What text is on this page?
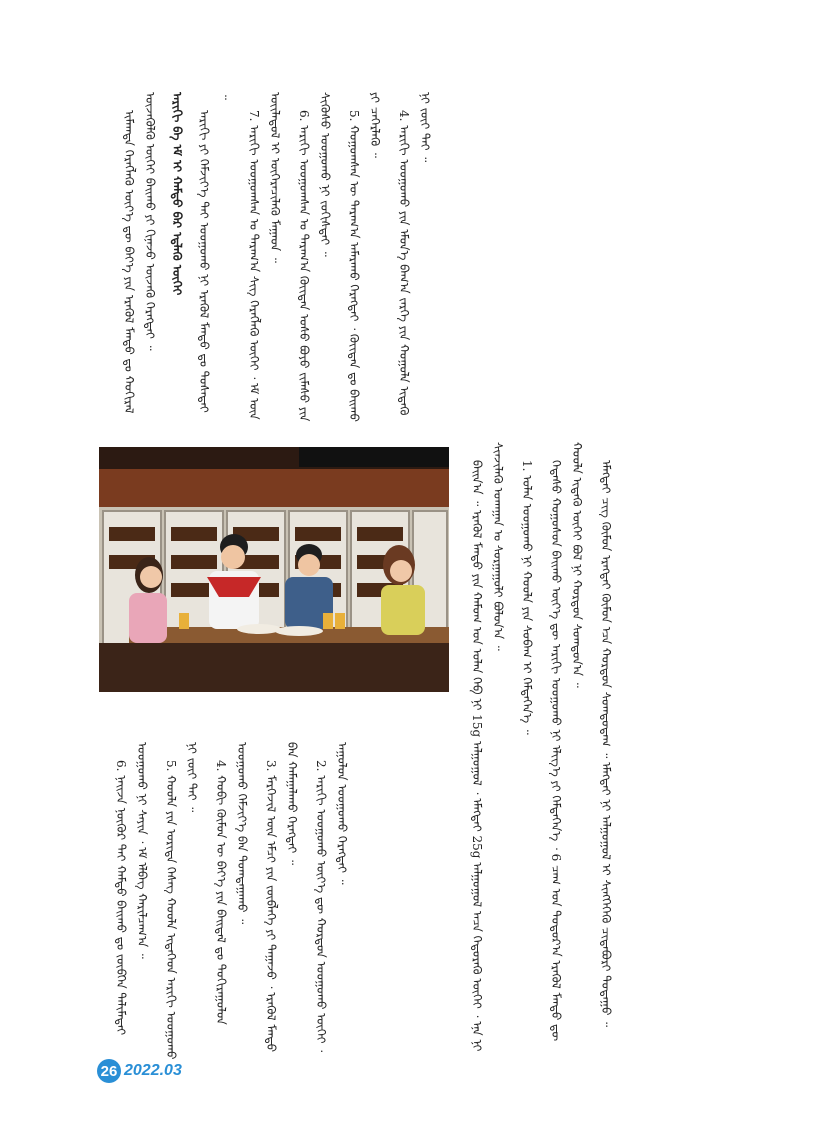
ᠢᠮᠠᠭᠲᠠ ᠬᠡᠷᠡᠭᠯᠡᠬᠦ ᠦᠶ᠎ᠡ ᠳᠦ ᠪᠡᠶ᠎ᠡ ᠶᠢᠨ ᠡᠷᠡᠭᠦᠯ ᠮᠡᠨᠳᠦ ᠳᠤ ᠬᠣᠬᠢᠷᠠᠯ ᠦᠵᠡᠭᠦᠯᠬᠦ ᠦᠭᠡᠢ ᠪᠠᠢᠬᠤ ᠶᠢ ᠬᠢᠨᠠᠵᠤ ᠦᠵᠡᠬᠦ ᠬᠡᠷᠡᠭᠲᠡᠢ ᠃	ᠠᠷᠢᠬᠢ ᠪᠠ ᠡᠮ ᠢ ᠬᠠᠮᠲᠤ ᠪᠠᠷ ᠡᠳ᠋ᠯᠡᠬᠦ ᠦᠭᠡᠢ	ᠠᠷᠢᠬᠢ ᠶᠢ ᠬᠡᠮᠵᠢᠶ᠎ᠡ ᠲᠠᠢ ᠤᠤᠭᠤᠬᠤ ᠨᠢ ᠡᠷᠡᠭᠦᠯ ᠮᠡᠨᠳᠦ ᠳᠤ ᠲᠤᠰᠠᠲᠠᠢ ᠃

7. ᠠᠷᠢᠬᠢ ᠤᠤᠭᠤᠭᠰᠠᠨ ᠤ ᠳᠠᠷᠠᠭ᠎ᠠ ᠰᠢᠭ ᠬᠡᠷᠡᠭᠯᠡᠬᠦ ᠦᠭᠡᠢ ᠂ ᠡᠮ ᠦᠨ ᠦᠢᠯᠡᠳᠦᠯ ᠢ ᠥᠭᠡᠷᠡᠴᠢᠯᠡᠬᠦ ᠮᠠᠭᠠᠳ ᠃	6. ᠠᠷᠢᠬᠢ ᠤᠤᠭᠤᠭᠰᠠᠨ ᠤ ᠳᠠᠷᠠᠭ᠎ᠠ ᠬᠦᠢᠲᠡᠨ ᠤᠰᠤ ᠪᠤᠶᠤ ᠵᠢᠮᠡᠰᠦ ᠶᠢᠨ ᠰᠢᠭᠦᠰᠦ ᠤᠤᠭᠤᠬᠤ ᠨᠢ ᠵᠣᠬᠢᠰᠲᠠᠢ ᠃	5. ᠬᠤᠭᠤᠭᠰᠠᠨ ᠦ ᠳᠠᠷᠠᠭ᠎ᠠ ᠠᠮᠠᠷᠠᠬᠤ ᠬᠡᠷᠡᠭᠲᠡᠢ ᠂ ᠬᠦᠢᠲᠡᠨ ᠳᠤ ᠪᠠᠢᠬᠤ ᠶᠢ ᠴᠡᠭᠡᠷᠯᠡᠬᠦ ᠃	4. ᠠᠷᠢᠬᠢ ᠤᠤᠭᠤᠬᠤ ᠶᠢᠨ ᠡᠮᠦᠨ᠎ᠡ ᠪᠠᠭ᠎ᠠ ᠵᠡᠷᠭᠡ ᠶᠢᠨ ᠬᠣᠭᠣᠯᠠ ᠢᠳᠡᠬᠦ ᠨᠢ ᠵᠦᠢ ᠲᠠᠢ ᠃

ᠪᠠᠢᠨ᠎ᠠ ᠃ ᠡᠷᠡᠭᠦᠯ ᠮᠡᠨᠳᠦ ᠶᠢᠨ ᠬᠠᠮᠤᠭ ᠤᠨ ᠤᠯᠠᠨ ᠬᠡᠪ ᠨᠢ 15g ᠠᠯᠭᠤᠭᠤᠯ ᠂ ᠡᠮᠡᠭᠳᠡᠢ 25g ᠠᠯᠭᠤᠭᠤᠯ ᠠᠴᠠ ᠬᠡᠳᠦᠷᠡᠬᠦ ᠦᠭᠡᠢ ᠂ ᠡᠨᠡ ᠨᠢ ᠰᠢᠨᠵᠢᠯᠡᠬᠦ ᠤᠬᠠᠭᠠᠨ ᠤ ᠰᠤᠷᠭᠠᠭᠤᠯᠢ ᠪᠣᠯᠤᠨ᠎ᠠ ᠃	1. ᠤᠯᠠᠨ ᠤᠤᠭᠤᠬᠤ ᠨᠢ ᠬᠣᠣᠯᠠ ᠶᠢᠨ ᠰᠤᠪᠠᠭ ᠢ ᠭᠡᠮᠲᠡᠭᠡᠨ᠎ᠡ ᠃	ᠭᠡᠳᠡᠰᠦ ᠬᠣᠭᠣᠰᠤᠨ ᠪᠠᠢᠬᠤ ᠦᠶ᠎ᠡ ᠳᠦ ᠠᠷᠢᠬᠢ ᠤᠤᠭᠤᠬᠤ ᠨᠢ ᠡᠯᠢᠭ᠎ᠡ ᠶᠢ ᠭᠡᠮᠲᠡᠭᠡᠨ᠎ᠡ ᠂ 6 ᠴᠠᠭ ᠤᠨ ᠳᠤᠲᠤᠷ᠎ᠠ ᠡᠷᠡᠭᠦᠯ ᠮᠡᠨᠳᠦ ᠳᠦ ᠬᠣᠣᠯᠠ ᠢᠳᠡᠬᠦ ᠦᠭᠡᠢ ᠪᠣᠯ ᠨᠢ ᠬᠤᠷᠳᠤᠨ ᠰᠣᠭᠲᠤᠨ᠎ᠠ ᠃	ᠡᠮᠡᠭᠳᠡᠢ ᠴᠢᠭ ᠬᠦᠮᠦᠨ ᠡᠷᠡᠭᠲᠡᠢ ᠬᠦᠮᠦᠨ ᠡᠴᠡ ᠬᠤᠷᠳᠤᠨ ᠰᠣᠭᠲᠤᠳᠠᠭ ᠃ ᠡᠮᠡᠭᠲᠡᠢ ᠨᠢ ᠠᠯᠭᠤᠭᠤᠯ ᠢ ᠰᠢᠩᠭᠡᠭᠡᠬᠦ ᠴᠢᠳᠠᠪᠤᠷᠢ ᠳᠤᠲᠠᠭᠤ ᠃

6. ᠨᠠᠢᠵᠠ ᠨᠥᠬᠦᠷ ᠲᠠᠢ ᠬᠠᠮᠲᠤ ᠪᠠᠢᠬᠤ ᠳᠤ ᠵᠥᠪᠬᠡᠨ ᠳᠠᠯᠢᠮᠠᠲᠠᠢ ᠤᠤᠭᠤᠬᠤ ᠨᠢ ᠰᠠᠶᠢᠨ ᠂ ᠡᠮ ᠡᠯᠪᠡᠭ ᠬᠠᠷᠢᠯᠴᠠᠭ᠎ᠠ ᠃	5. ᠬᠣᠣᠯᠠ ᠶᠢᠨ ᠤᠷᠢᠳᠠ ᠬᠡᠰᠡᠭ ᠬᠣᠣᠯᠠ ᠢᠳᠡᠭᠡᠳ ᠠᠷᠢᠬᠢ ᠤᠤᠭᠤᠬᠤ ᠨᠢ ᠵᠦᠢ ᠲᠠᠢ ᠃	4. ᠬᠤᠪᠢ ᠬᠦᠮᠦᠨ ᠦ ᠪᠡᠶ᠎ᠡ ᠶᠢᠨ ᠪᠠᠢᠳᠠᠯ ᠳᠤ ᠲᠣᠬᠢᠷᠠᠭᠤᠯᠤᠨ ᠤᠤᠭᠤᠬᠤ ᠬᠡᠮᠵᠢᠶ᠎ᠡ ᠪᠡᠨ ᠲᠣᠭᠲᠠᠭᠠᠬᠤ ᠃	3. ᠮᠡᠷᠭᠡᠵᠢᠯ ᠦᠨ ᠡᠮᠴᠢ ᠶᠢᠨ ᠵᠥᠪᠯᠡᠭᠡ ᠶᠢ ᠳᠠᠭᠠᠵᠤ ᠂ ᠡᠷᠡᠭᠦᠯ ᠮᠡᠨᠳᠦ ᠪᠠᠨ ᠬᠠᠮᠠᠭᠠᠯᠠᠬᠤ ᠬᠡᠷᠡᠭᠲᠡᠢ ᠃	2. ᠠᠷᠢᠬᠢ ᠤᠤᠭᠤᠬᠤ ᠦᠶ᠎ᠡ ᠳᠦ ᠬᠤᠷᠳᠤᠨ ᠤᠤᠭᠤᠬᠤ ᠦᠭᠡᠢ ᠂ ᠠᠭᠤᠯᠤᠨ ᠤᠤᠭᠤᠬᠤ ᠬᠡᠷᠡᠭᠲᠡᠢ ᠃

26 2022.03
